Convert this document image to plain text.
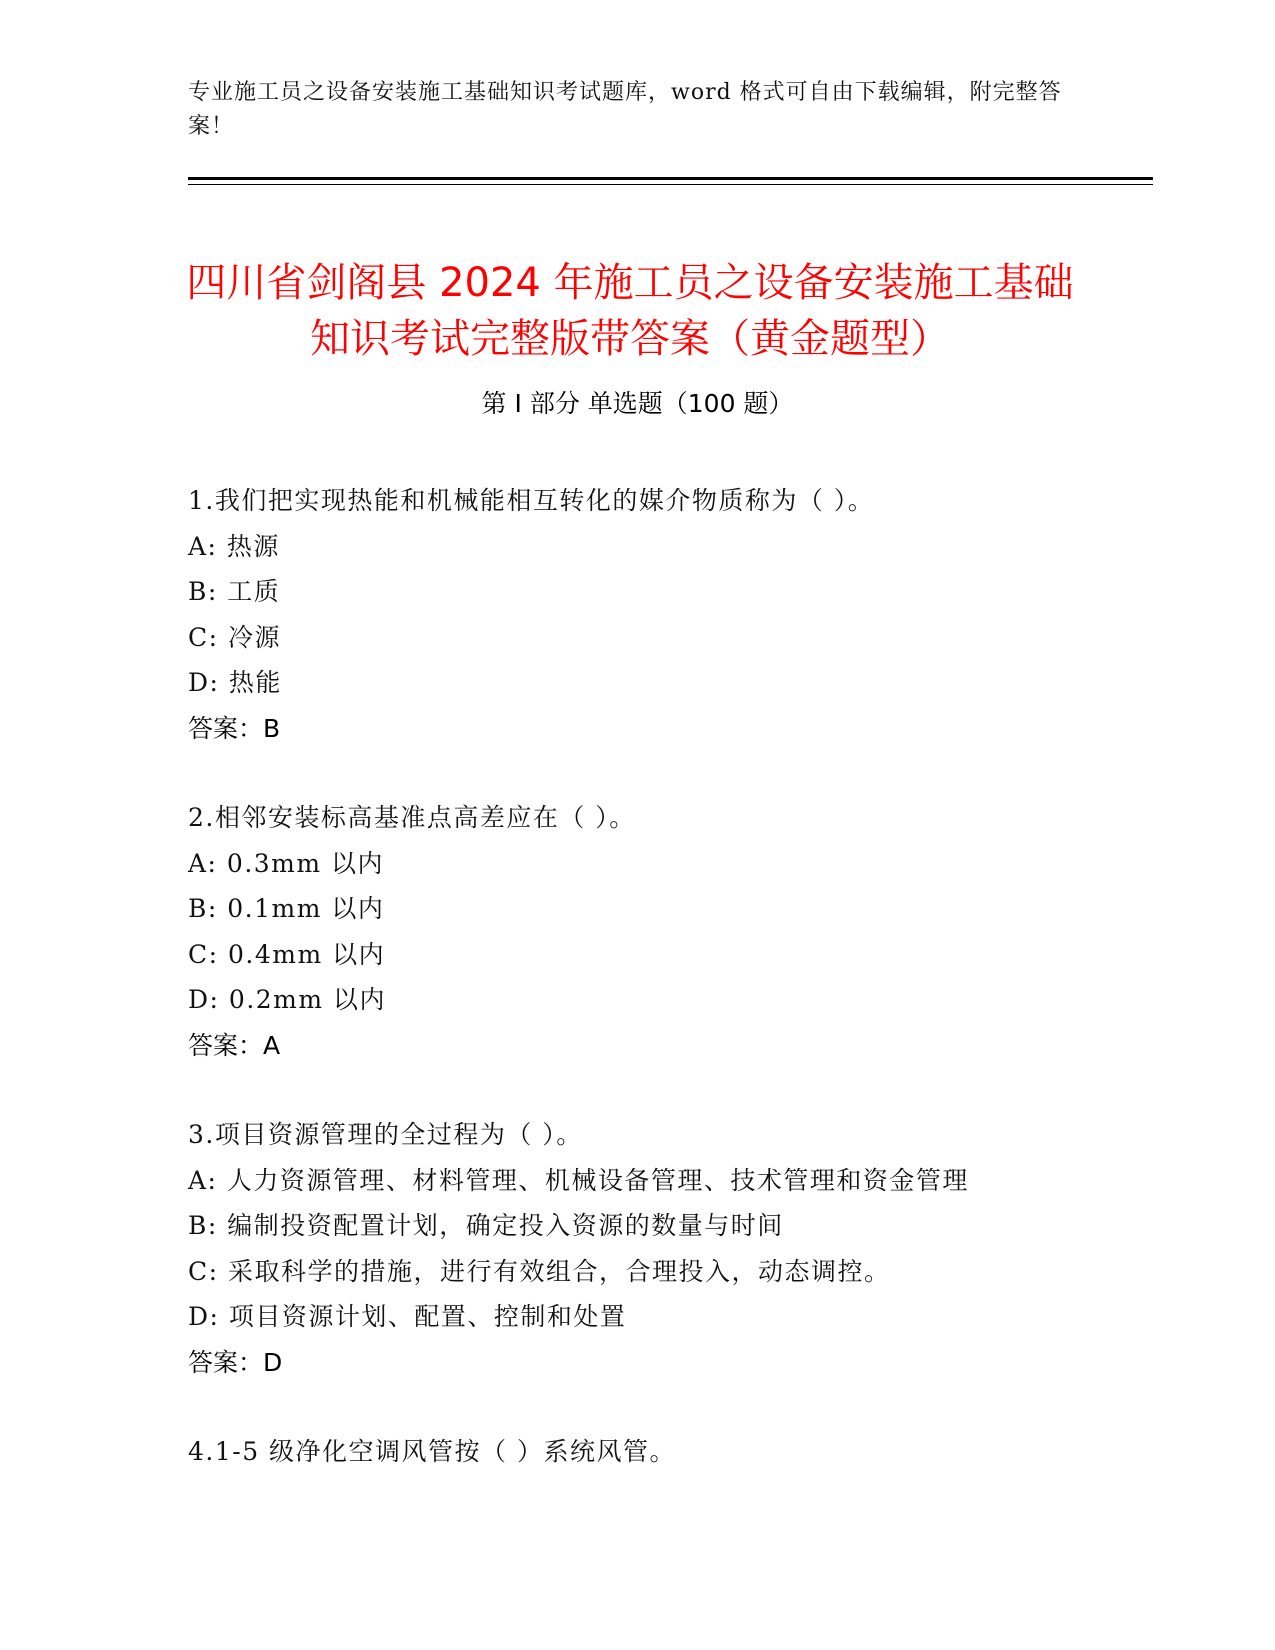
专业施工员之设备安装施工基础知识考试题库，word 格式可自由下载编辑，附完整答案！
四川省剑阁县 2024 年施工员之设备安装施工基础知识考试完整版带答案（黄金题型）
第 I 部分 单选题（100 题）
1.我们把实现热能和机械能相互转化的媒介物质称为（ ）。
A: 热源
B: 工质
C: 冷源
D: 热能
答案：B
2.相邻安装标高基准点高差应在（ ）。
A: 0.3mm 以内
B: 0.1mm 以内
C: 0.4mm 以内
D: 0.2mm 以内
答案：A
3.项目资源管理的全过程为（ ）。
A: 人力资源管理、材料管理、机械设备管理、技术管理和资金管理
B: 编制投资配置计划，确定投入资源的数量与时间
C: 采取科学的措施，进行有效组合，合理投入，动态调控。
D: 项目资源计划、配置、控制和处置
答案：D
4.1-5 级净化空调风管按（ ）系统风管。
